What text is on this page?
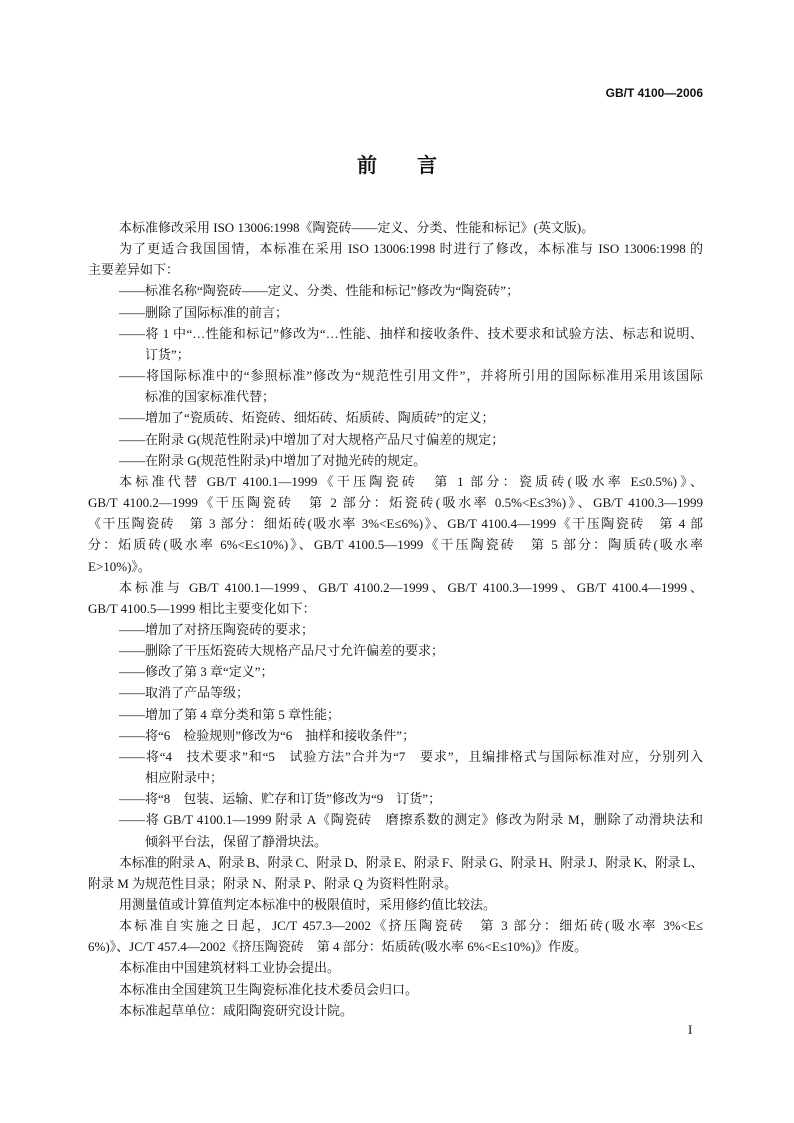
GB/T 4100—2006
前　言
本标准修改采用 ISO 13006:1998《陶瓷砖——定义、分类、性能和标记》(英文版)。
为了更适合我国国情，本标准在采用 ISO 13006:1998 时进行了修改，本标准与 ISO 13006:1998 的
主要差异如下：
——标准名称“陶瓷砖——定义、分类、性能和标记”修改为“陶瓷砖”；
——删除了国际标准的前言；
——将 1 中“…性能和标记”修改为“…性能、抽样和接收条件、技术要求和试验方法、标志和说明、
订货”；
——将国际标准中的“参照标准”修改为“规范性引用文件”，并将所引用的国际标准用采用该国际
标准的国家标准代替；
——增加了“瓷质砖、炻瓷砖、细炻砖、炻质砖、陶质砖”的定义；
——在附录 G(规范性附录)中增加了对大规格产品尺寸偏差的规定；
——在附录 G(规范性附录)中增加了对抛光砖的规定。
本标准代替 GB/T 4100.1—1999《干压陶瓷砖　第 1 部分：瓷质砖(吸水率 E≤0.5%)》、
GB/T 4100.2—1999《干压陶瓷砖　第 2 部分：炻瓷砖(吸水率 0.5%<E≤3%)》、GB/T 4100.3—1999
《干压陶瓷砖　第 3 部分：细炻砖(吸水率 3%<E≤6%)》、GB/T 4100.4—1999《干压陶瓷砖　第 4 部
分：炻质砖(吸水率 6%<E≤10%)》、GB/T 4100.5—1999《干压陶瓷砖　第 5 部分：陶质砖(吸水率
E>10%)》。
本标准与 GB/T 4100.1—1999、GB/T 4100.2—1999、GB/T 4100.3—1999、GB/T 4100.4—1999、
GB/T 4100.5—1999 相比主要变化如下：
——增加了对挤压陶瓷砖的要求；
——删除了干压炻瓷砖大规格产品尺寸允许偏差的要求；
——修改了第 3 章“定义”；
——取消了产品等级；
——增加了第 4 章分类和第 5 章性能；
——将“6　检验规则”修改为“6　抽样和接收条件”；
——将“4　技术要求”和“5　试验方法”合并为“7　要求”，且编排格式与国际标准对应，分别列入
相应附录中；
——将“8　包装、运输、贮存和订货”修改为“9　订货”；
——将 GB/T 4100.1—1999 附录 A《陶瓷砖　磨擦系数的测定》修改为附录 M，删除了动滑块法和
倾斜平台法，保留了静滑块法。
本标准的附录 A、附录 B、附录 C、附录 D、附录 E、附录 F、附录 G、附录 H、附录 J、附录 K、附录 L、
附录 M 为规范性目录；附录 N、附录 P、附录 Q 为资料性附录。
用测量值或计算值判定本标准中的极限值时，采用修约值比较法。
本标准自实施之日起，JC/T 457.3—2002《挤压陶瓷砖　第 3 部分：细炻砖(吸水率 3%<E≤
6%)》、JC/T 457.4—2002《挤压陶瓷砖　第 4 部分：炻质砖(吸水率 6%<E≤10%)》作废。
本标准由中国建筑材料工业协会提出。
本标准由全国建筑卫生陶瓷标准化技术委员会归口。
本标准起草单位：咸阳陶瓷研究设计院。
I
